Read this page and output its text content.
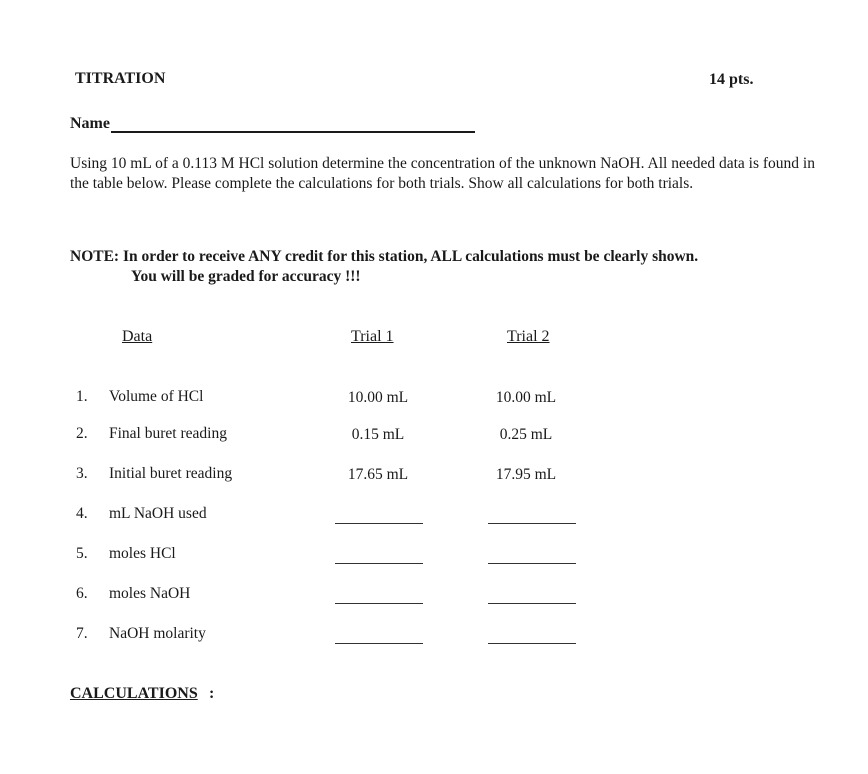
TITRATION	14 pts.
Name
Using 10 mL of a 0.113 M HCl solution determine the concentration of the unknown NaOH. All needed data is found in the table below. Please complete the calculations for both trials. Show all calculations for both trials.
NOTE: In order to receive ANY credit for this station, ALL calculations must be clearly shown.
You will be graded for accuracy !!!
Data	Trial 1	Trial 2
1. Volume of HCl	10.00 mL	10.00 mL
2. Final buret reading	0.15 mL	0.25 mL
3. Initial buret reading	17.65 mL	17.95 mL
4. mL NaOH used
5. moles HCl
6. moles NaOH
7. NaOH molarity
CALCULATIONS :
